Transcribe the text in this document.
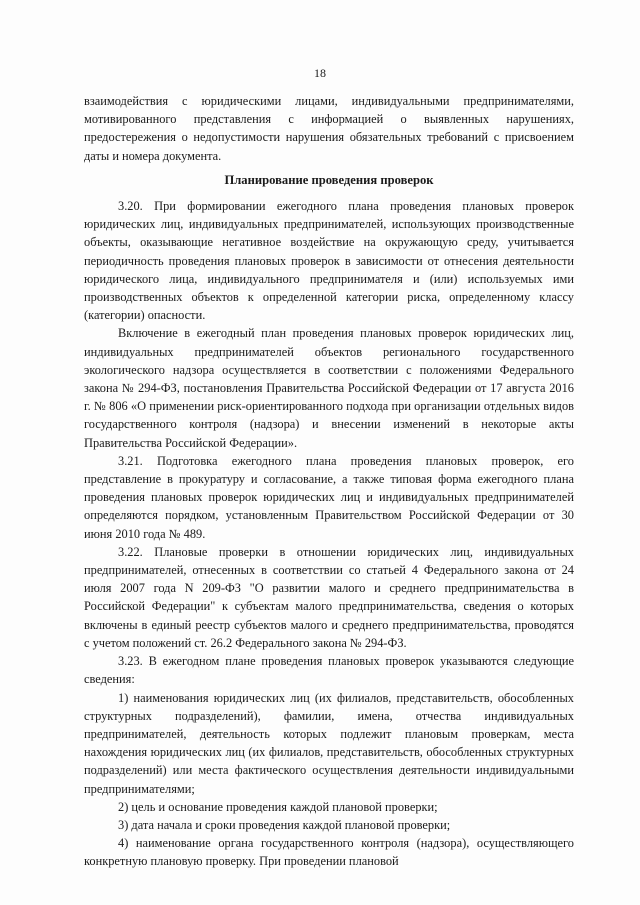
18

взаимодействия с юридическими лицами, индивидуальными предпринимателями, мотивированного представления с информацией о выявленных нарушениях, предостережения о недопустимости нарушения обязательных требований с присвоением даты и номера документа.

Планирование проведения проверок

3.20. При формировании ежегодного плана проведения плановых проверок юридических лиц, индивидуальных предпринимателей, использующих производственные объекты, оказывающие негативное воздействие на окружающую среду, учитывается периодичность проведения плановых проверок в зависимости от отнесения деятельности юридического лица, индивидуального предпринимателя и (или) используемых ими производственных объектов к определенной категории риска, определенному классу (категории) опасности.

Включение в ежегодный план проведения плановых проверок юридических лиц, индивидуальных предпринимателей объектов регионального государственного экологического надзора осуществляется в соответствии с положениями Федерального закона № 294-ФЗ, постановления Правительства Российской Федерации от 17 августа 2016 г. № 806 «О применении риск-ориентированного подхода при организации отдельных видов государственного контроля (надзора) и внесении изменений в некоторые акты Правительства Российской Федерации».

3.21. Подготовка ежегодного плана проведения плановых проверок, его представление в прокуратуру и согласование, а также типовая форма ежегодного плана проведения плановых проверок юридических лиц и индивидуальных предпринимателей определяются порядком, установленным Правительством Российской Федерации от 30 июня 2010 года № 489.

3.22. Плановые проверки в отношении юридических лиц, индивидуальных предпринимателей, отнесенных в соответствии со статьей 4 Федерального закона от 24 июля 2007 года N 209-ФЗ "О развитии малого и среднего предпринимательства в Российской Федерации" к субъектам малого предпринимательства, сведения о которых включены в единый реестр субъектов малого и среднего предпринимательства, проводятся с учетом положений ст. 26.2 Федерального закона № 294-ФЗ.

3.23. В ежегодном плане проведения плановых проверок указываются следующие сведения:

1) наименования юридических лиц (их филиалов, представительств, обособленных структурных подразделений), фамилии, имена, отчества индивидуальных предпринимателей, деятельность которых подлежит плановым проверкам, места нахождения юридических лиц (их филиалов, представительств, обособленных структурных подразделений) или места фактического осуществления деятельности индивидуальными предпринимателями;

2) цель и основание проведения каждой плановой проверки;

3) дата начала и сроки проведения каждой плановой проверки;

4) наименование органа государственного контроля (надзора), осуществляющего конкретную плановую проверку. При проведении плановой
